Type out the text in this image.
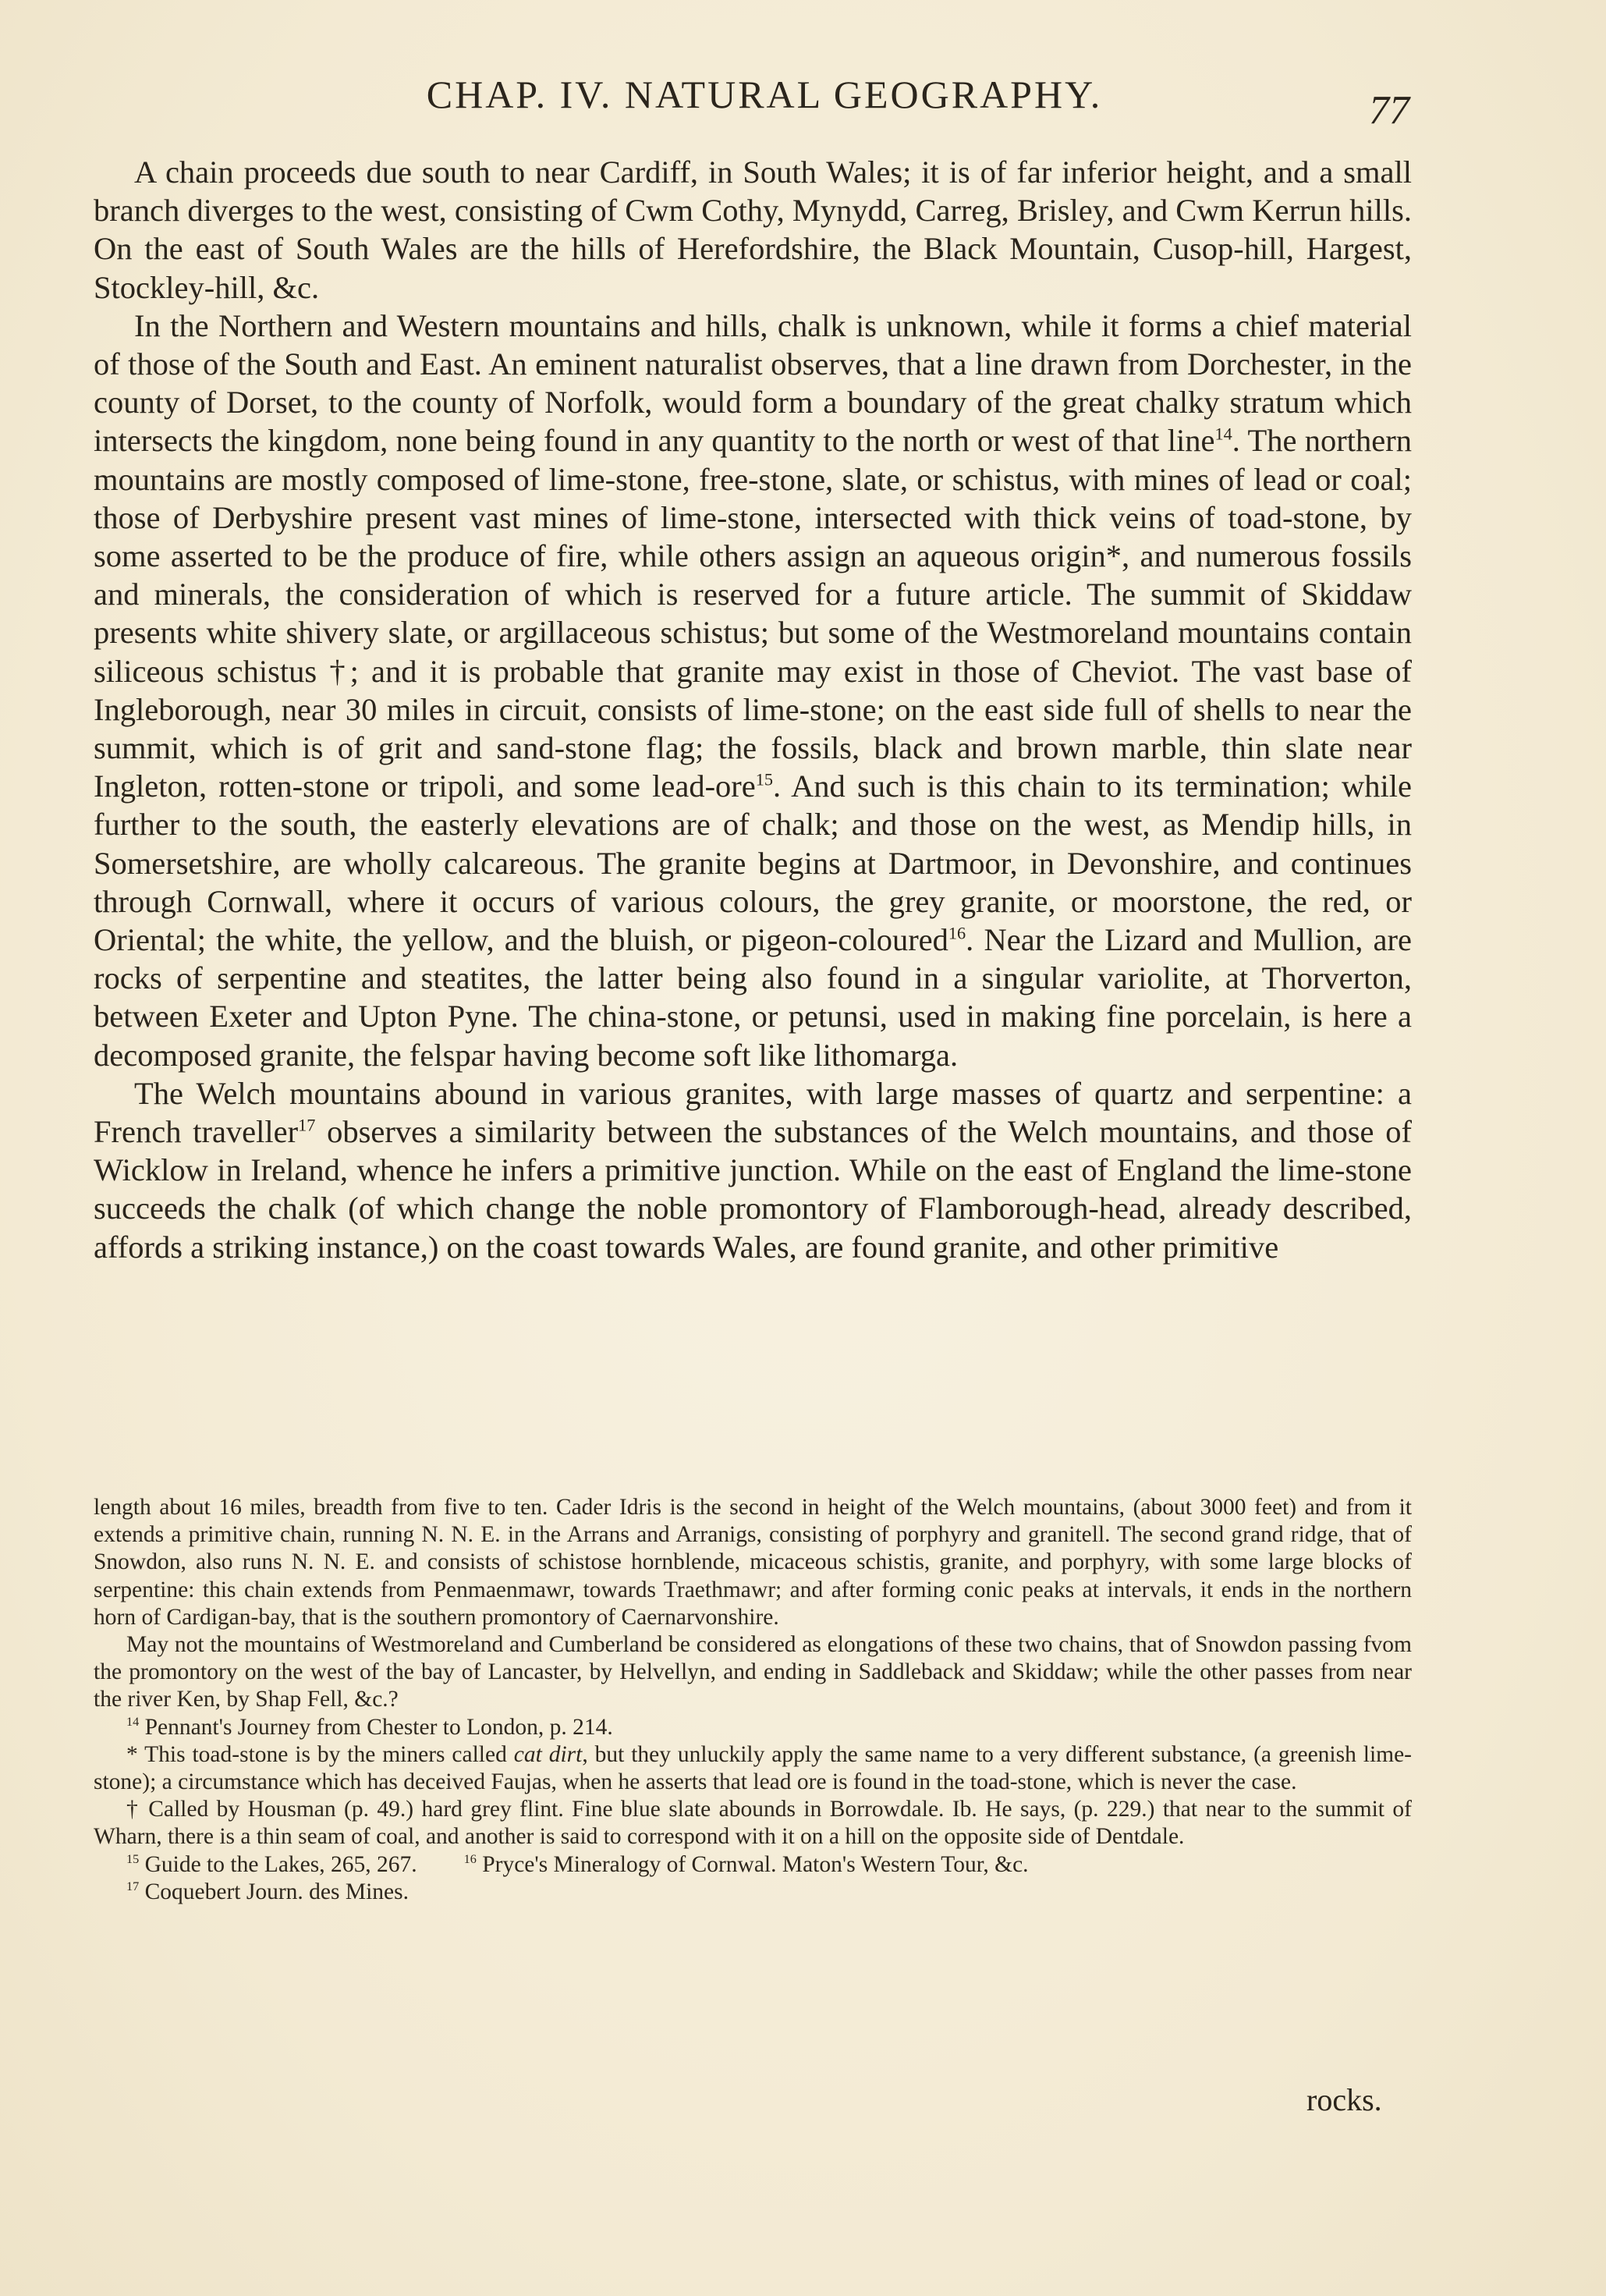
CHAP. IV. NATURAL GEOGRAPHY.	77

A chain proceeds due south to near Cardiff, in South Wales; it is of far inferior height, and a small branch diverges to the west, consisting of Cwm Cothy, Mynydd, Carreg, Brisley, and Cwm Kerrun hills. On the east of South Wales are the hills of Herefordshire, the Black Mountain, Cusop-hill, Hargest, Stockley-hill, &c.

In the Northern and Western mountains and hills, chalk is unknown, while it forms a chief material of those of the South and East. An eminent naturalist observes, that a line drawn from Dorchester, in the county of Dorset, to the county of Norfolk, would form a boundary of the great chalky stratum which intersects the kingdom, none being found in any quantity to the north or west of that line$^{14}$. The northern mountains are mostly composed of lime-stone, free-stone, slate, or schistus, with mines of lead or coal; those of Derbyshire present vast mines of lime-stone, intersected with thick veins of toad-stone, by some asserted to be the produce of fire, while others assign an aqueous origin*, and numerous fossils and minerals, the consideration of which is reserved for a future article. The summit of Skiddaw presents white shivery slate, or argillaceous schistus; but some of the Westmoreland mountains contain siliceous schistus †; and it is probable that granite may exist in those of Cheviot. The vast base of Ingleborough, near 30 miles in circuit, consists of lime-stone; on the east side full of shells to near the summit, which is of grit and sand-stone flag; the fossils, black and brown marble, thin slate near Ingleton, rotten-stone or tripoli, and some lead-ore$^{15}$. And such is this chain to its termination; while further to the south, the easterly elevations are of chalk; and those on the west, as Mendip hills, in Somersetshire, are wholly calcareous. The granite begins at Dartmoor, in Devonshire, and continues through Cornwall, where it occurs of various colours, the grey granite, or moorstone, the red, or Oriental; the white, the yellow, and the bluish, or pigeon-coloured$^{16}$. Near the Lizard and Mullion, are rocks of serpentine and steatites, the latter being also found in a singular variolite, at Thorverton, between Exeter and Upton Pyne. The china-stone, or petunsi, used in making fine porcelain, is here a decomposed granite, the felspar having become soft like lithomarga.

The Welch mountains abound in various granites, with large masses of quartz and serpentine: a French traveller$^{17}$ observes a similarity between the substances of the Welch mountains, and those of Wicklow in Ireland, whence he infers a primitive junction. While on the east of England the lime-stone succeeds the chalk (of which change the noble promontory of Flamborough-head, already described, affords a striking instance,) on the coast towards Wales, are found granite, and other primitive

length about 16 miles, breadth from five to ten. Cader Idris is the second in height of the Welch mountains, (about 3000 feet) and from it extends a primitive chain, running N. N. E. in the Arrans and Arranigs, consisting of porphyry and granitell. The second grand ridge, that of Snowdon, also runs N. N. E. and consists of schistose hornblende, micaceous schistis, granite, and porphyry, with some large blocks of serpentine: this chain extends from Penmaenmawr, towards Traethmawr; and after forming conic peaks at intervals, it ends in the northern horn of Cardigan-bay, that is the southern promontory of Caernarvonshire.

May not the mountains of Westmoreland and Cumberland be considered as elongations of these two chains, that of Snowdon passing fvom the promontory on the west of the bay of Lancaster, by Helvellyn, and ending in Saddleback and Skiddaw; while the other passes from near the river Ken, by Shap Fell, &c.?

$^{14}$ Pennant's Journey from Chester to London, p. 214.

* This toad-stone is by the miners called cat dirt, but they unluckily apply the same name to a very different substance, (a greenish lime-stone); a circumstance which has deceived Faujas, when he asserts that lead ore is found in the toad-stone, which is never the case.

† Called by Housman (p. 49.) hard grey flint. Fine blue slate abounds in Borrowdale. Ib. He says, (p. 229.) that near to the summit of Wharn, there is a thin seam of coal, and another is said to correspond with it on a hill on the opposite side of Dentdale.

$^{15}$ Guide to the Lakes, 265, 267.	$^{16}$ Pryce's Mineralogy of Cornwal. Maton's Western Tour, &c.

$^{17}$ Coquebert Journ. des Mines.

rocks.
